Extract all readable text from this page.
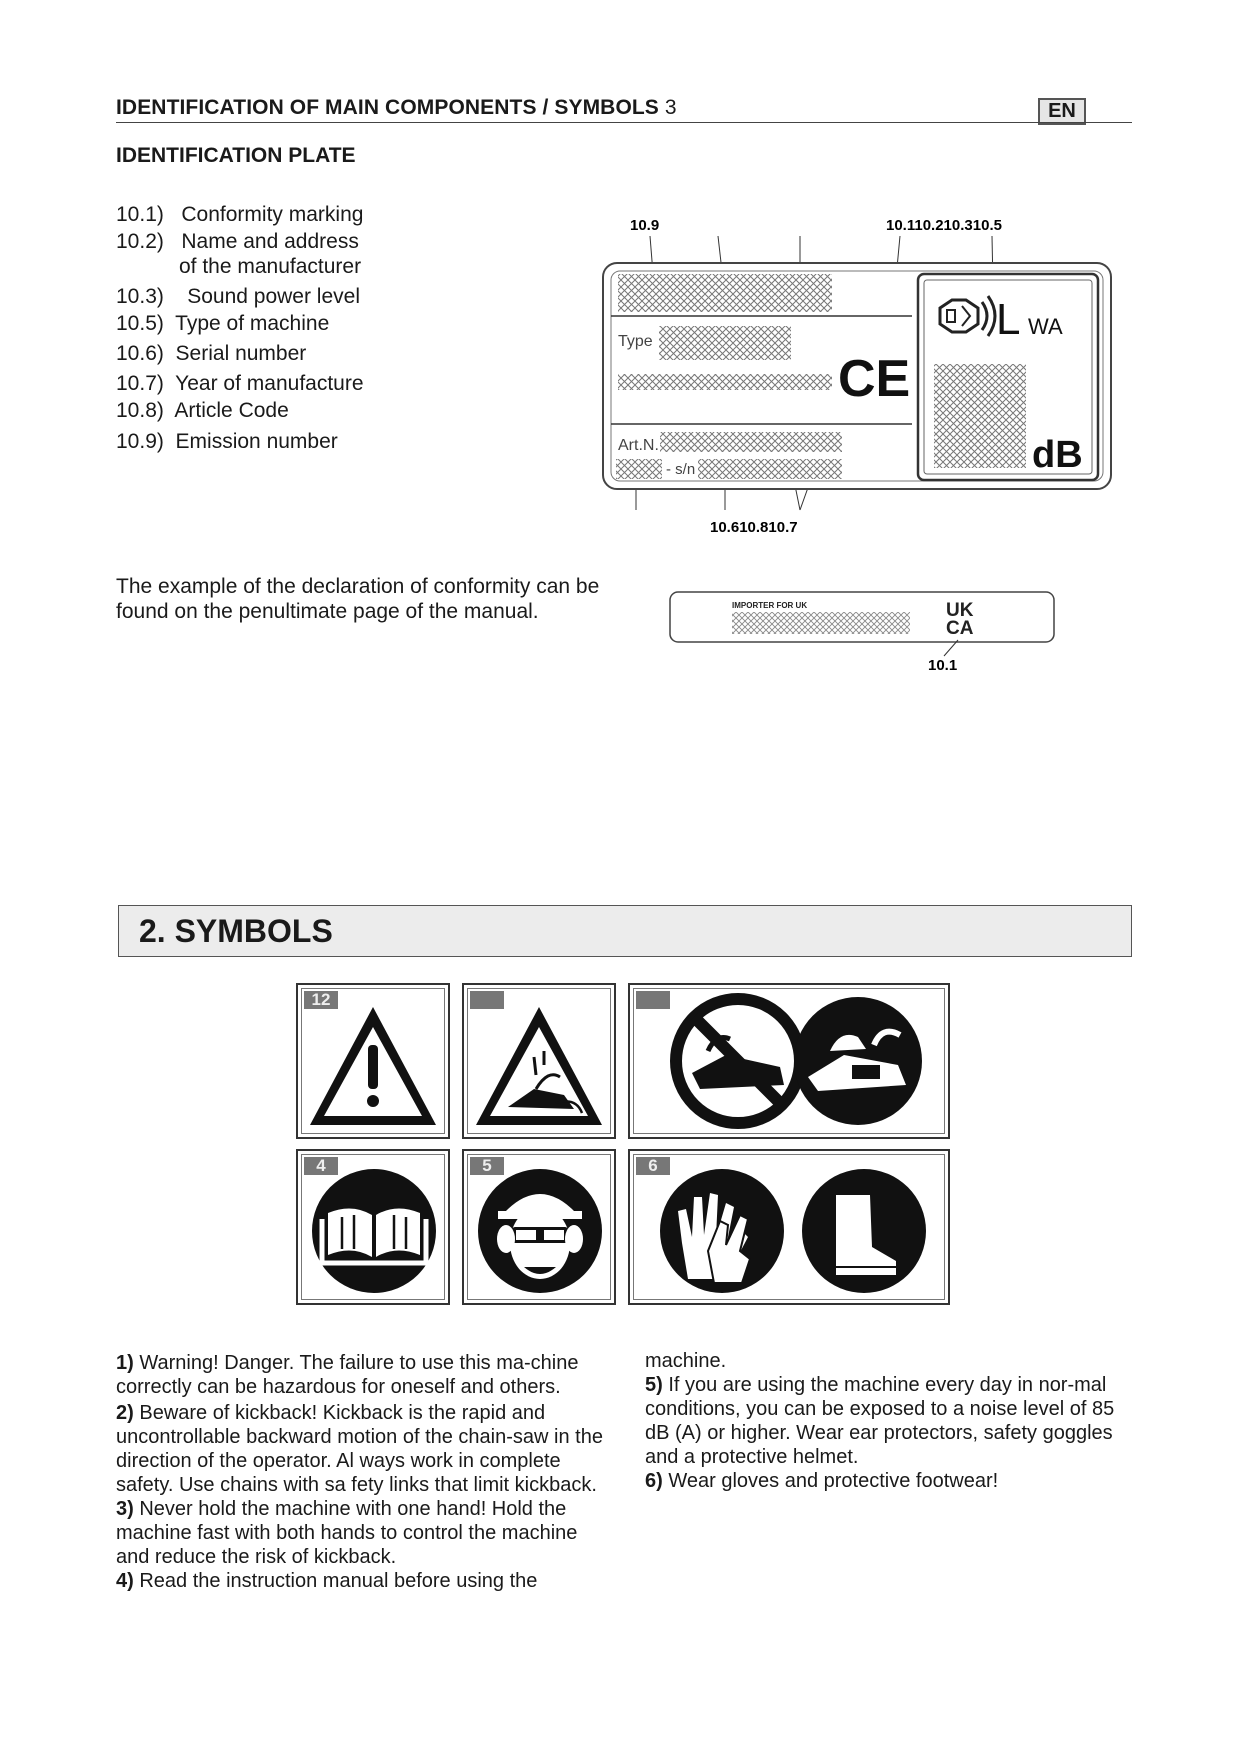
IDENTIFICATION OF MAIN COMPONENTS / SYMBOLS 3	EN
IDENTIFICATION PLATE
10.1) Conformity marking
10.2) Name and address
of the manufacturer
10.3) Sound power level
10.5) Type of machine
10.6) Serial number
10.7) Year of manufacture
10.8) Article Code
10.9) Emission number
10.9	10.110.210.310.5
10.610.810.7
Type
Art.N.
- s/n
CE
L WA
dB
The example of the declaration of conformity can be found on the penultimate page of the manual.	IMPORTER FOR UK	UK
CA
10.1
2. SYMBOLS
12
4	5	6

1) Warning! Danger. The failure to use this ma-chine correctly can be hazardous for oneself and others.

2) Beware of kickback! Kickback is the rapid and uncontrollable backward motion of the chain-saw in the direction of the operator. Al ways work in complete safety. Use chains with sa fety links that limit kickback.

3) Never hold the machine with one hand! Hold the machine fast with both hands to control the machine and reduce the risk of kickback.

4) Read the instruction manual before using the

machine.

5) If you are using the machine every day in nor-mal conditions, you can be exposed to a noise level of 85 dB (A) or higher. Wear ear protectors, safety goggles and a protective helmet.

6) Wear gloves and protective footwear!
